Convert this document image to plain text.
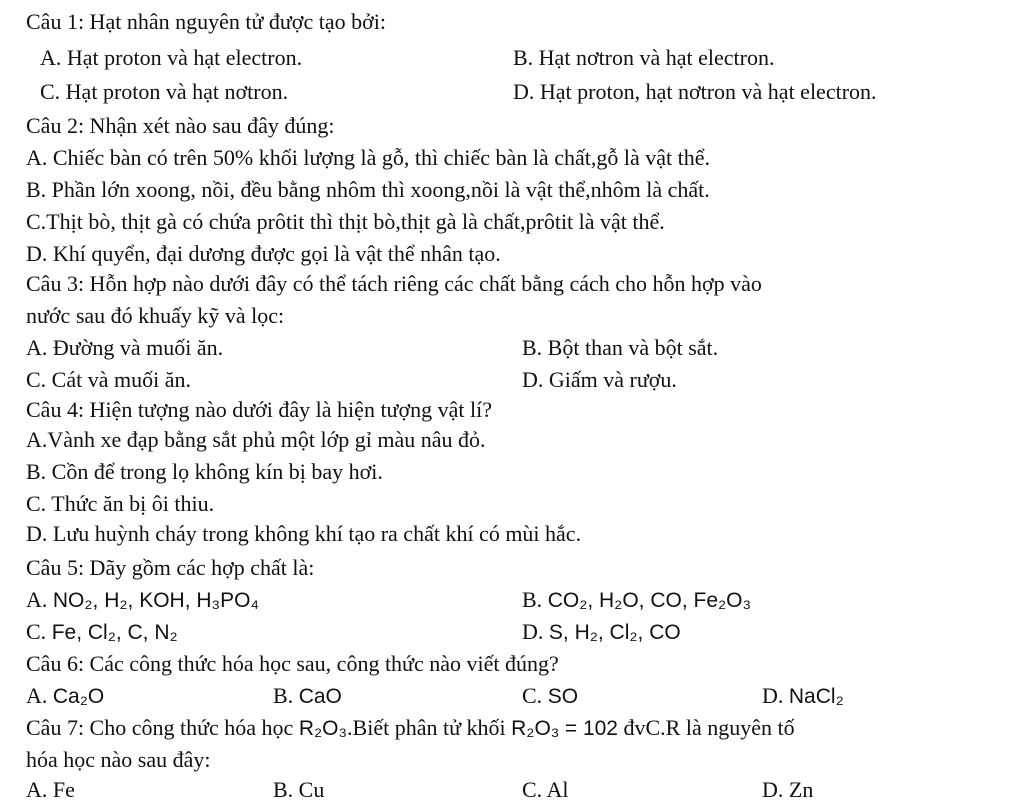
Câu 1: Hạt nhân nguyên tử được tạo bởi:
A. Hạt proton và hạt electron.	B. Hạt nơtron và hạt electron.
C. Hạt proton và hạt nơtron.	D. Hạt proton, hạt nơtron và hạt electron.
Câu 2: Nhận xét nào sau đây đúng:
A. Chiếc bàn có trên 50% khối lượng là gỗ, thì chiếc bàn là chất,gỗ là vật thể.
B. Phần lớn xoong, nồi, đều bằng nhôm thì xoong,nồi là vật thể,nhôm là chất.
C.Thịt bò, thịt gà có chứa prôtit thì thịt bò,thịt gà là chất,prôtit là vật thể.
D. Khí quyển, đại dương được gọi là vật thể nhân tạo.
Câu 3: Hỗn hợp nào dưới đây có thể tách riêng các chất bằng cách cho hỗn hợp vào
nước sau đó khuấy kỹ và lọc:
A. Đường và muối ăn.	B. Bột than và bột sắt.
C. Cát và muối ăn.	D. Giấm và rượu.
Câu 4: Hiện tượng nào dưới đây là hiện tượng vật lí?
A.Vành xe đạp bằng sắt phủ một lớp gỉ màu nâu đỏ.
B. Cồn để trong lọ không kín bị bay hơi.
C. Thức ăn bị ôi thiu.
D. Lưu huỳnh cháy trong không khí tạo ra chất khí có mùi hắc.
Câu 5: Dãy gồm các hợp chất là:
A. NO₂, H₂, KOH, H₃PO₄	B. CO₂, H₂O, CO, Fe₂O₃
C. Fe, Cl₂, C, N₂	D. S, H₂, Cl₂, CO
Câu 6: Các công thức hóa học sau, công thức nào viết đúng?
A. Ca₂O	B. CaO	C. SO	D. NaCl₂
Câu 7: Cho công thức hóa học R₂O₃.Biết phân tử khối R₂O₃ = 102 đvC.R là nguyên tố
hóa học nào sau đây:
A. Fe	B. Cu	C. Al	D. Zn
